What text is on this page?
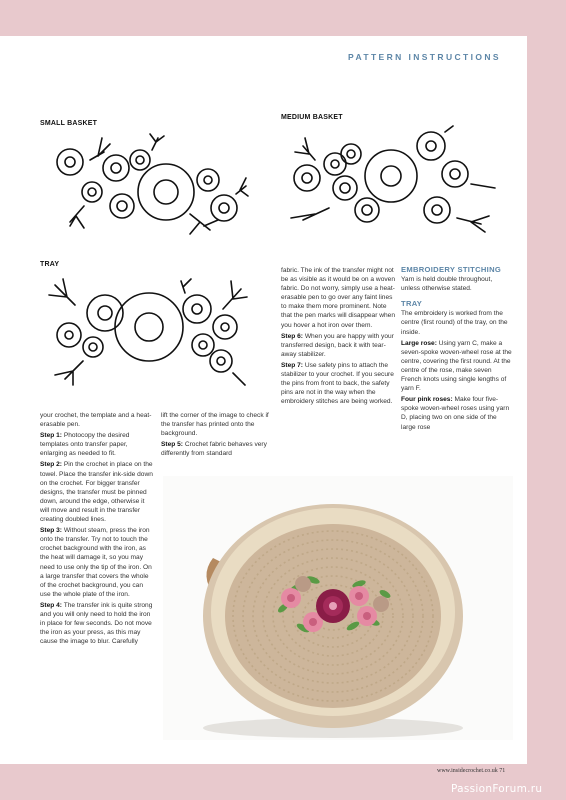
PATTERN INSTRUCTIONS
SMALL BASKET
MEDIUM BASKET
TRAY

your crochet, the template and a heat-erasable pen.

Step 1: Photocopy the desired templates onto transfer paper, enlarging as needed to fit.

Step 2: Pin the crochet in place on the towel. Place the transfer ink-side down on the crochet. For bigger transfer designs, the transfer must be pinned down, around the edge, otherwise it will move and result in the transfer creating doubled lines.

Step 3: Without steam, press the iron onto the transfer. Try not to touch the crochet background with the iron, as the heat will damage it, so you may need to use only the tip of the iron. On a large transfer that covers the whole of the crochet background, you can use the whole plate of the iron.

Step 4: The transfer ink is quite strong and you will only need to hold the iron in place for few seconds. Do not move the iron as your press, as this may cause the image to blur. Carefully

lift the corner of the image to check if the transfer has printed onto the background.

Step 5: Crochet fabric behaves very differently from standard

fabric. The ink of the transfer might not be as visible as it would be on a woven fabric. Do not worry, simply use a heat-erasable pen to go over any faint lines to make them more prominent. Note that the pen marks will disappear when you hover a hot iron over them.

Step 6: When you are happy with your transferred design, back it with tear-away stabilizer.

Step 7: Use safety pins to attach the stabilizer to your crochet. If you secure the pins from front to back, the safety pins are not in the way when the embroidery stitches are being worked.

EMBROIDERY STITCHING

Yarn is held double throughout, unless otherwise stated.

TRAY

The embroidery is worked from the centre (first round) of the tray, on the inside.

Large rose: Using yarn C, make a seven-spoke woven-wheel rose at the centre, covering the first round. At the centre of the rose, make seven French knots using single lengths of yarn F.

Four pink roses: Make four five-spoke woven-wheel roses using yarn D, placing two on one side of the large rose

www.insidecrochet.co.uk 71
PassionForum.ru
